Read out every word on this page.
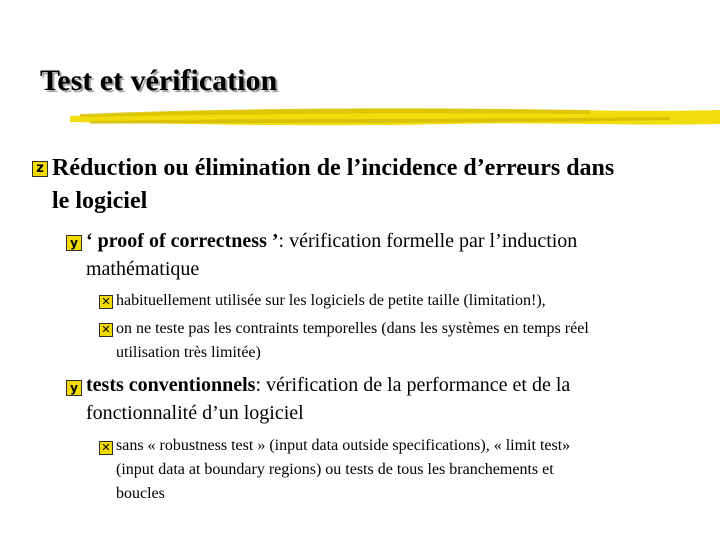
Test et vérification
z Réduction ou élimination de l’incidence d’erreurs dans
le logiciel
y ‘ proof of correctness ’: vérification formelle par l’induction
mathématique
✕ habituellement utilisée sur les logiciels de petite taille (limitation!),
✕ on ne teste pas les contraints temporelles (dans les systèmes en temps réel
utilisation très limitée)
y tests conventionnels: vérification de la performance et de la
fonctionnalité d’un logiciel
✕ sans « robustness test » (input data outside specifications), « limit test»
(input data at boundary regions) ou tests de tous les branchements et
boucles
